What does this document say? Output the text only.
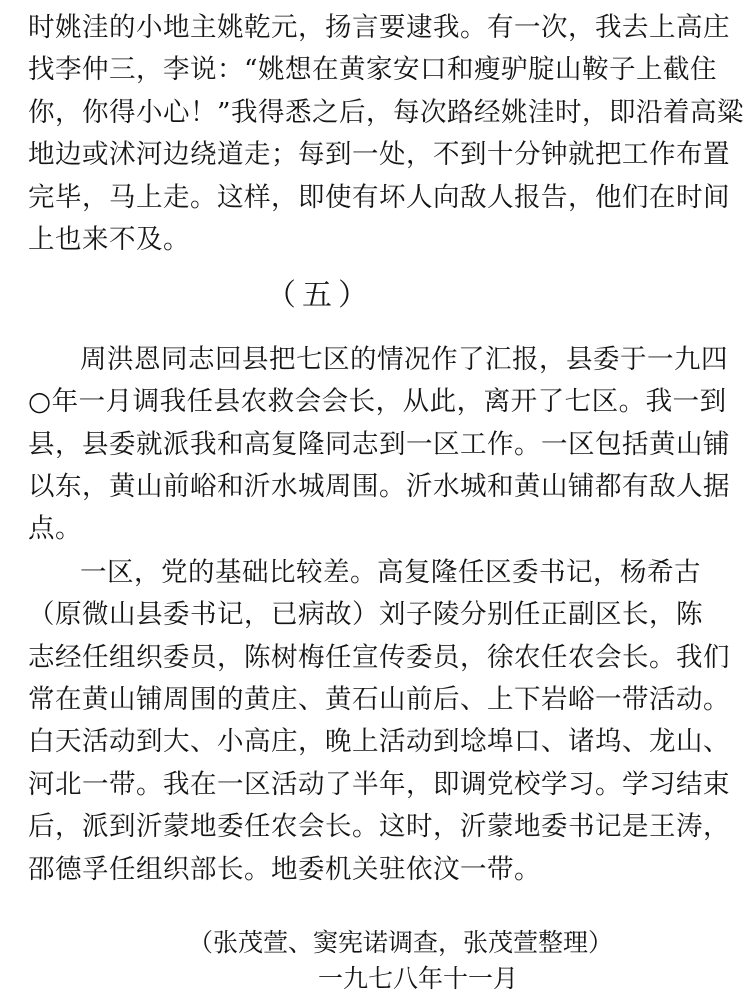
时姚洼的小地主姚乾元，扬言要逮我。有一次，我去上高庄
找李仲三，李说：“姚想在黄家安口和瘦驴腚山鞍子上截住
你，你得小心！”我得悉之后，每次路经姚洼时，即沿着高粱
地边或沭河边绕道走；每到一处，不到十分钟就把工作布置
完毕，马上走。这样，即使有坏人向敌人报告，他们在时间
上也来不及。
（五）
周洪恩同志回县把七区的情况作了汇报，县委于一九四
○年一月调我任县农救会会长，从此，离开了七区。我一到
县，县委就派我和高复隆同志到一区工作。一区包括黄山铺
以东，黄山前峪和沂水城周围。沂水城和黄山铺都有敌人据
点。
一区，党的基础比较差。高复隆任区委书记，杨希古
（原微山县委书记，已病故）刘子陵分别任正副区长，陈
志经任组织委员，陈树梅任宣传委员，徐农任农会长。我们
常在黄山铺周围的黄庄、黄石山前后、上下岩峪一带活动。
白天活动到大、小高庄，晚上活动到埝埠口、诸坞、龙山、
河北一带。我在一区活动了半年，即调党校学习。学习结束
后，派到沂蒙地委任农会长。这时，沂蒙地委书记是王涛，
邵德孚任组织部长。地委机关驻依汶一带。
（张茂萱、窦宪诺调查，张茂萱整理）
一九七八年十一月
